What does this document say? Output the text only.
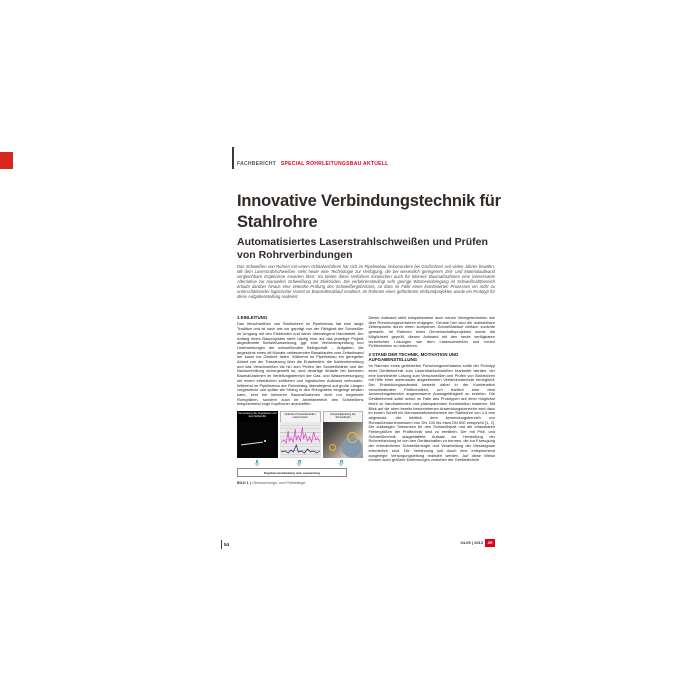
FACHBERICHT SPECIAL ROHRLEITUNGSBAU AKTUELL
Innovative Verbindungstechnik für Stahlrohre
Automatisiertes Laserstrahlschweißen und Prüfen von Rohrverbindungen
Das Schweißen von Rohren mit einem Orbitalverfahren hat sich im Pipelinebau insbesondere bei Großrohren seit vielen Jahren bewährt. Mit dem Laserstrahlschweißen steht heute eine Technologie zur Verfügung, die bei wesentlich geringerem Zeit- und Materialaufwand vergleichbare Ergebnisse erwarten lässt. So bieten diese Verfahren inzwischen auch für kleinere Baumaßnahmen eine interessante Alternative zur manuellen Schweißung mit Elektroden. Die verfahrensbedingt sehr geringe Wärmeeinbringung im Schweißnahtbereich erlaubt darüber hinaus eine zeitnahe Prüfung des Schweißergebnisses, so dass im Falle eines kombinierten Prozesses ein nicht zu unterschätzender logistischer Vorteil im Baustellenablauf resultiert. Im Rahmen eines geförderten Verbundprojektes wurde ein Prototyp für diese Aufgabenstellung realisiert.
1 EINLEITUNG
Das Verschweißen von Stahlrohren im Pipelinebau hat eine lange Tradition und ist nach wie vor geprägt von der Fähigkeit der Schweißer im Umgang mit den Elektroden und daher überwiegend Handarbeit. Am Anfang eines Bauprojektes steht häufig eine auf das jeweilige Projekt abgestimmte Schweißanweisung, ggf. eine Verfahrensprüfung und Unterweisungen der schweißenden Belegschaft – Aufgaben, die angesichts eines oft Monate umfassenden Bauablaufes vom Zeitaufwand her kaum ins Gewicht fallen. Während im Pipelinebau ein geregelter Ablauf von der Trassierung über die Erdarbeiten, die Nahtvorbereitung und das Verschweißen bis hin zum Prüfen der Schweißnähte und der Nachumhüllung sichergestellt ist, sind derartige Abläufe bei kleineren Baumaßnahmen im Verteilungsbereich der Gas- und Wasserversorgung mit einem erheblichen zeitlichen und logistischen Aufwand verbunden. Während im Pipelinebau der Rohrstrang überwiegend auf große Längen vorgestreckt und später als Strang in den Rohrgraben eingelegt werden kann, sind bei kleineren Baumaßnahmen nicht nur begrenzte Rohrgräben, sondern auch im Arbeitsbereich des Schweißens entsprechend enge Kopflöcher anzutreffen.
Vermessung der Fügekanten und des Nahtprofils
Optische Prozesskontrolle / Lasermonitor
Ultraschallprüfung der Schweißnaht
Ergebnisverarbeitung und -auswertung
BILD 1 | Überwachungs- und Prüfstränge
Dieser Aufwand steht beispielsweise auch neuen Verlegetechniken wie dem Rohreinzugsverfahren entgegen. Gerade hier wird die realisierbare Zeitersparnis durch einen komplexen Schweißablauf vielfach zunichte gemacht. Im Rahmen eines Gemeinschaftsprojektes wurde die Möglichkeit geprüft, diesen Aufwand mit den heute verfügbaren technischen Lösungen wie dem Laserschweißen und neuen Prüftechniken zu reduzieren.
2 STAND DER TECHNIK, MOTIVATION UND AUFGABENSTELLUNG
Im Rahmen eines geförderten Forschungsvorhabens sollte der Prototyp einer Gerätetechnik zum Laserstrahlschweißen erarbeitet werden, der eine kombinierte Lösung zum Verschweißen und Prüfen von Stahlrohren mit Hilfe einer aufeinander abgestimmten Verfahrenstechnik ermöglicht. Der Entwicklungsaufwand besteht dabei in der Kombination verschiedenster Prüftechniken, um letztlich eine dem Anwendungsbereich angemessene Aussagefähigkeit zu erzielen. Die Gerätetechnik sollte schon im Falle des Prototypen auf einer möglichst leicht zu handhabenden und platzsparenden Konstruktion basieren. Mit Blick auf die oben bereits beschriebenen Anwendungsbereiche wird dazu im ersten Schritt ein Nennwanddickenbereich der Stahlrohre von 3-5 mm abgedeckt, der letztlich dem Anwendungsbereich von Rohraußendurchmessern von DN 100 bis etwa DN 600 entspricht [1, 2]. Die zulässigen Toleranzen für den Schweißspalt und die erfassbaren Fehlergrößen der Prüftechnik sind zu ermitteln. Der mit Prüf- und Schweißtechnik ausgestattete Aufsatz zur Herstellung der Rohrverbindung ist von den Gerätschaften zu trennen, die zur Erzeugung der erforderlichen Schweißenergie und Verarbeitung der Messsignale erforderlich sind. Die Verbindung soll durch eine entsprechend ausgelegte Versorgungsleitung realisiert werden. Auf diese Weise können auch größere Entfernungen zwischen der Gerätetechnik
54	04-05 | 2013	3R
